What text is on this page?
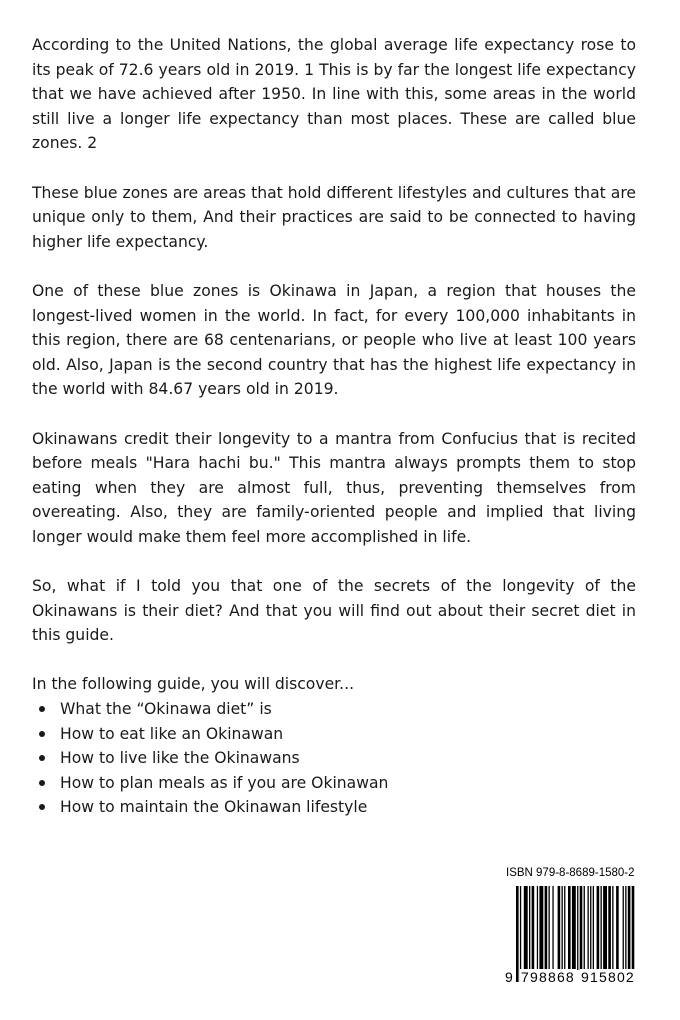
According to the United Nations, the global average life expectancy rose to its peak of 72.6 years old in 2019. 1 This is by far the longest life expectancy that we have achieved after 1950. In line with this, some areas in the world still live a longer life expectancy than most places. These are called blue zones. 2

These blue zones are areas that hold different lifestyles and cultures that are unique only to them, And their practices are said to be connected to having higher life expectancy.

One of these blue zones is Okinawa in Japan, a region that houses the longest-lived women in the world. In fact, for every 100,000 inhabitants in this region, there are 68 centenarians, or people who live at least 100 years old. Also, Japan is the second country that has the highest life expectancy in the world with 84.67 years old in 2019.

Okinawans credit their longevity to a mantra from Confucius that is recited before meals "Hara hachi bu." This mantra always prompts them to stop eating when they are almost full, thus, preventing themselves from overeating. Also, they are family-oriented people and implied that living longer would make them feel more accomplished in life.

So, what if I told you that one of the secrets of the longevity of the Okinawans is their diet? And that you will find out about their secret diet in this guide.

In the following guide, you will discover...

What the “Okinawa diet” is
How to eat like an Okinawan
How to live like the Okinawans
How to plan meals as if you are Okinawan
How to maintain the Okinawan lifestyle
ISBN 979-8-8689-1580-2
9 798868 915802
